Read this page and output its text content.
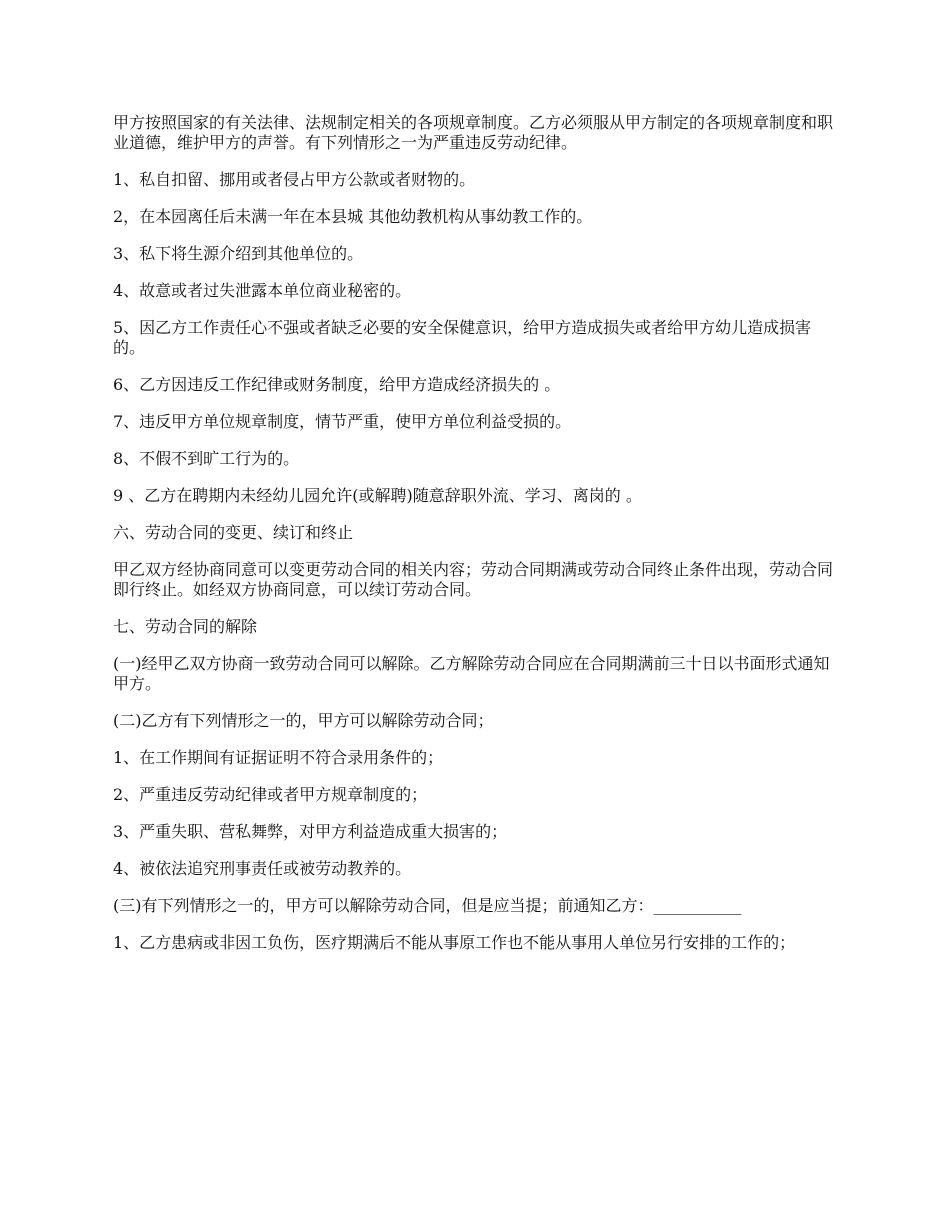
甲方按照国家的有关法律、法规制定相关的各项规章制度。乙方必须服从甲方制定的各项规章制度和职业道德，维护甲方的声誉。有下列情形之一为严重违反劳动纪律。

1、私自扣留、挪用或者侵占甲方公款或者财物的。

2，在本园离任后未满一年在本县城 其他幼教机构从事幼教工作的。

3、私下将生源介绍到其他单位的。

4、故意或者过失泄露本单位商业秘密的。

5、因乙方工作责任心不强或者缺乏必要的安全保健意识，给甲方造成损失或者给甲方幼儿造成损害的。

6、乙方因违反工作纪律或财务制度，给甲方造成经济损失的 。

7、违反甲方单位规章制度，情节严重，使甲方单位利益受损的。

8、不假不到旷工行为的。

9 、乙方在聘期内未经幼儿园允许(或解聘)随意辞职外流、学习、离岗的 。

六、劳动合同的变更、续订和终止

甲乙双方经协商同意可以变更劳动合同的相关内容；劳动合同期满或劳动合同终止条件出现，劳动合同即行终止。如经双方协商同意，可以续订劳动合同。

七、劳动合同的解除

(一)经甲乙双方协商一致劳动合同可以解除。乙方解除劳动合同应在合同期满前三十日以书面形式通知甲方。

(二)乙方有下列情形之一的，甲方可以解除劳动合同；

1、在工作期间有证据证明不符合录用条件的；

2、严重违反劳动纪律或者甲方规章制度的；

3、严重失职、营私舞弊，对甲方利益造成重大损害的；

4、被依法追究刑事责任或被劳动教养的。

(三)有下列情形之一的，甲方可以解除劳动合同，但是应当提；前通知乙方：___________

1、乙方患病或非因工负伤，医疗期满后不能从事原工作也不能从事用人单位另行安排的工作的；
